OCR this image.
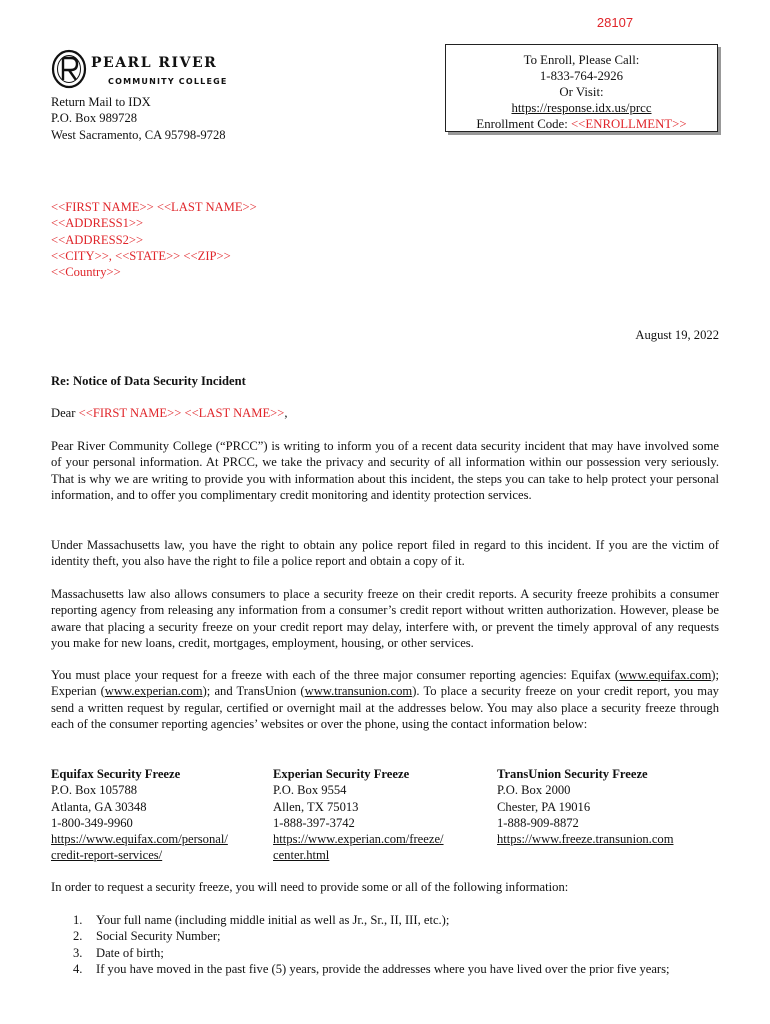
28107
PEARL RIVER
COMMUNITY COLLEGE
To Enroll, Please Call:
1-833-764-2926
Or Visit:
https://response.idx.us/prcc
Enrollment Code: <<ENROLLMENT>>
Return Mail to IDX
P.O. Box 989728
West Sacramento, CA 95798-9728
<<FIRST NAME>> <<LAST NAME>>
<<ADDRESS1>>
<<ADDRESS2>>
<<CITY>>, <<STATE>> <<ZIP>>
<<Country>>
August 19, 2022
Re: Notice of Data Security Incident
Dear <<FIRST NAME>> <<LAST NAME>>,

Pear River Community College (“PRCC”) is writing to inform you of a recent data security incident that may have involved some of your personal information. At PRCC, we take the privacy and security of all information within our possession very seriously. That is why we are writing to provide you with information about this incident, the steps you can take to help protect your personal information, and to offer you complimentary credit monitoring and identity protection services.

Under Massachusetts law, you have the right to obtain any police report filed in regard to this incident. If you are the victim of identity theft, you also have the right to file a police report and obtain a copy of it.

Massachusetts law also allows consumers to place a security freeze on their credit reports. A security freeze prohibits a consumer reporting agency from releasing any information from a consumer’s credit report without written authorization. However, please be aware that placing a security freeze on your credit report may delay, interfere with, or prevent the timely approval of any requests you make for new loans, credit, mortgages, employment, housing, or other services.

You must place your request for a freeze with each of the three major consumer reporting agencies: Equifax (www.equifax.com); Experian (www.experian.com); and TransUnion (www.transunion.com). To place a security freeze on your credit report, you may send a written request by regular, certified or overnight mail at the addresses below. You may also place a security freeze through each of the consumer reporting agencies’ websites or over the phone, using the contact information below:

Equifax Security Freeze
P.O. Box 105788
Atlanta, GA 30348
1-800-349-9960
https://www.equifax.com/personal/
credit-report-services/
Experian Security Freeze
P.O. Box 9554
Allen, TX 75013
1-888-397-3742
https://www.experian.com/freeze/
center.html
TransUnion Security Freeze
P.O. Box 2000
Chester, PA 19016
1-888-909-8872
https://www.freeze.transunion.com
In order to request a security freeze, you will need to provide some or all of the following information:
1. Your full name (including middle initial as well as Jr., Sr., II, III, etc.);
2. Social Security Number;
3. Date of birth;
4. If you have moved in the past five (5) years, provide the addresses where you have lived over the prior five years;
